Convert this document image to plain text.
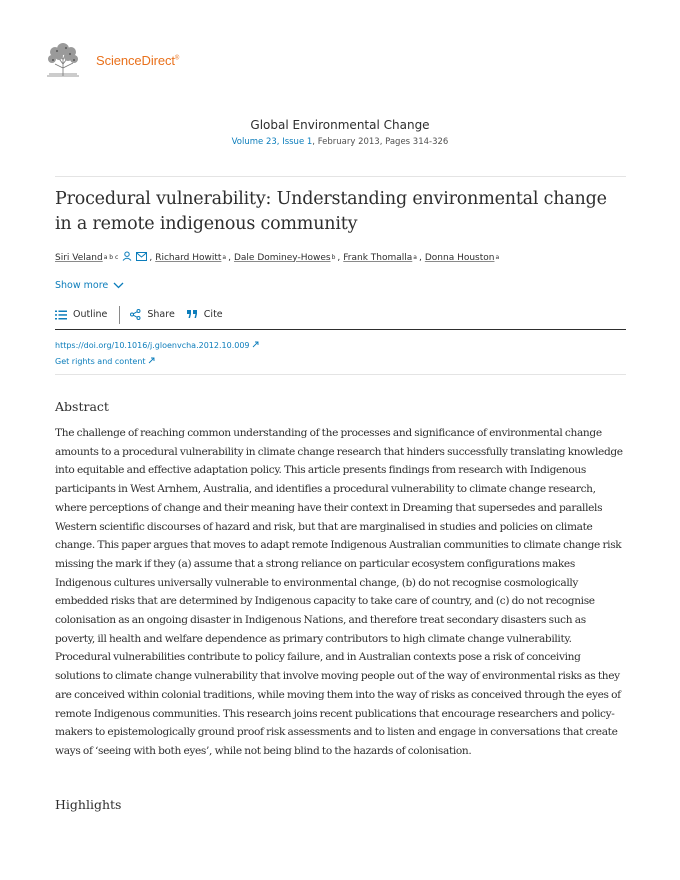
ScienceDirect®
Global Environmental Change
Volume 23, Issue 1, February 2013, Pages 314-326
Procedural vulnerability: Understanding environmental change in a remote indigenous community
Siri Veland a b c	, Richard Howitt a , Dale Dominey-Howes b , Frank Thomalla a , Donna Houston a
Show more
Outline	Share	Cite
https://doi.org/10.1016/j.gloenvcha.2012.10.009
Get rights and content
Abstract
The challenge of reaching common understanding of the processes and significance of environmental change amounts to a procedural vulnerability in climate change research that hinders successfully translating knowledge into equitable and effective adaptation policy. This article presents findings from research with Indigenous participants in West Arnhem, Australia, and identifies a procedural vulnerability to climate change research, where perceptions of change and their meaning have their context in Dreaming that supersedes and parallels Western scientific discourses of hazard and risk, but that are marginalised in studies and policies on climate change. This paper argues that moves to adapt remote Indigenous Australian communities to climate change risk missing the mark if they (a) assume that a strong reliance on particular ecosystem configurations makes Indigenous cultures universally vulnerable to environmental change, (b) do not recognise cosmologically embedded risks that are determined by Indigenous capacity to take care of country, and (c) do not recognise colonisation as an ongoing disaster in Indigenous Nations, and therefore treat secondary disasters such as poverty, ill health and welfare dependence as primary contributors to high climate change vulnerability. Procedural vulnerabilities contribute to policy failure, and in Australian contexts pose a risk of conceiving solutions to climate change vulnerability that involve moving people out of the way of environmental risks as they are conceived within colonial traditions, while moving them into the way of risks as conceived through the eyes of remote Indigenous communities. This research joins recent publications that encourage researchers and policy-makers to epistemologically ground proof risk assessments and to listen and engage in conversations that create ways of ‘seeing with both eyes’, while not being blind to the hazards of colonisation.
Highlights
